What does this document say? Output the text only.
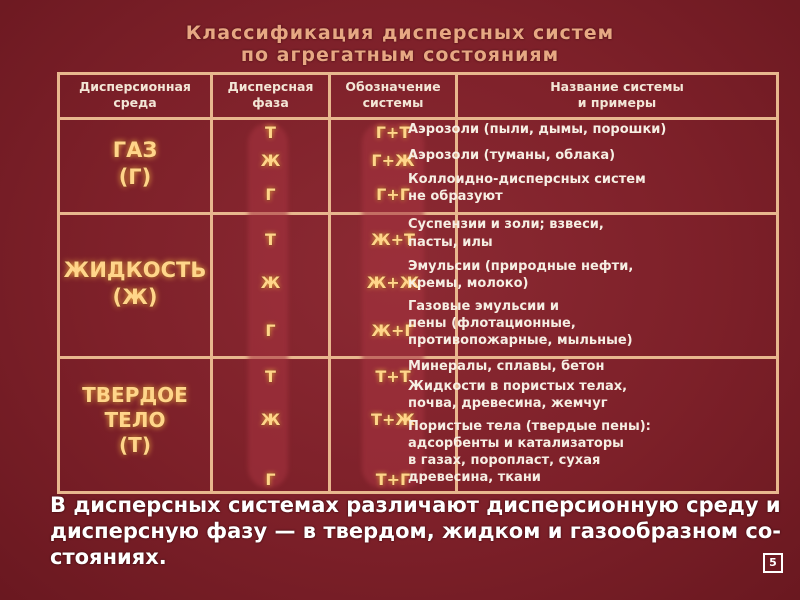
Классификация дисперсных систем
по агрегатным состояниям
Дисперсионная
среда
Дисперсная
фаза
Обозначение
системы
Название системы
и примеры
ГАЗ
(Г)
ЖИДКОСТЬ
(Ж)
ТВЕРДОЕ
ТЕЛО
(Т)
Т
Ж
Г
Т
Ж
Г
Т
Ж
Г
Г+Т
Г+Ж
Г+Г
Ж+Т
Ж+Ж
Ж+Г
Т+Т
Т+Ж
Т+Г
Аэрозоли (пыли, дымы, порошки)
Аэрозоли (туманы, облака)
Коллоидно-дисперсных систем
не образуют
Суспензии и золи; взвеси,
пасты, илы
Эмульсии (природные нефти,
кремы, молоко)
Газовые эмульсии и
пены (флотационные,
противопожарные, мыльные)
Минералы, сплавы, бетон
Жидкости в пористых телах,
почва, древесина, жемчуг
Пористые тела (твердые пены):
адсорбенты и катализаторы
в газах, поропласт, сухая
древесина, ткани
В дисперсных системах различают дисперсионную среду и
дисперсную фазу — в твердом, жидком и газообразном со-
стояниях.	5
